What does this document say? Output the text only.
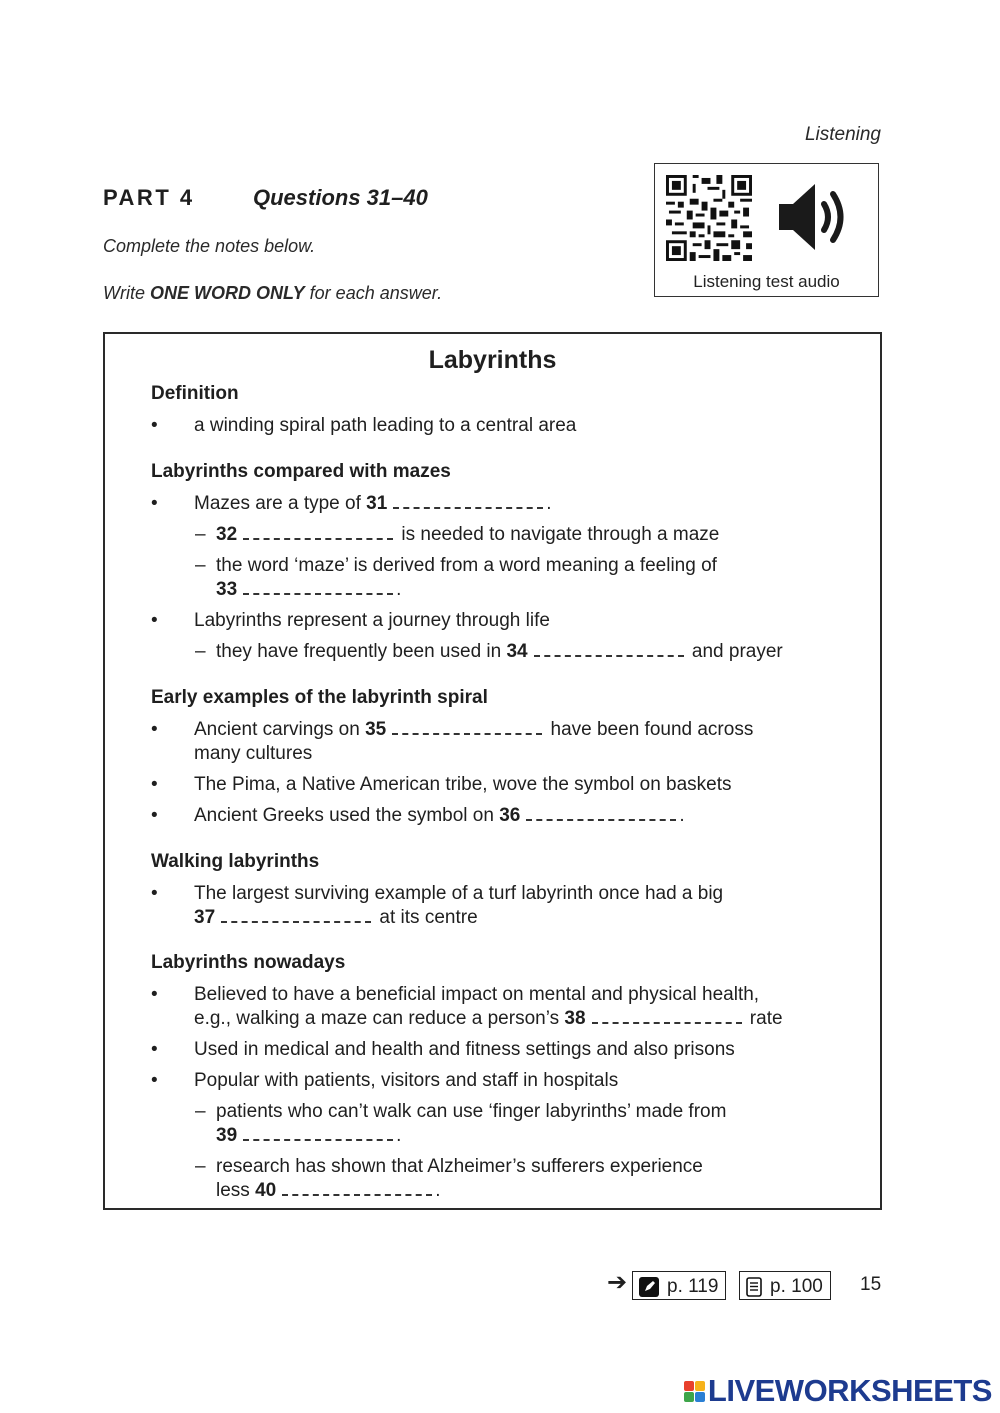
Listening
PART 4	Questions 31–40
Complete the notes below.
Write ONE WORD ONLY for each answer.
Listening test audio
Labyrinths
Definition
• a winding spiral path leading to a central area
Labyrinths compared with mazes
• Mazes are a type of 31	.
– 32	is needed to navigate through a maze
– the word ‘maze’ is derived from a word meaning a feeling of
33	.
• Labyrinths represent a journey through life
– they have frequently been used in 34	and prayer
Early examples of the labyrinth spiral
• Ancient carvings on 35	have been found across
many cultures
• The Pima, a Native American tribe, wove the symbol on baskets
• Ancient Greeks used the symbol on 36	.
Walking labyrinths
• The largest surviving example of a turf labyrinth once had a big
37	at its centre
Labyrinths nowadays
• Believed to have a beneficial impact on mental and physical health,
e.g., walking a maze can reduce a person’s 38	rate
• Used in medical and health and fitness settings and also prisons
• Popular with patients, visitors and staff in hospitals
– patients who can’t walk can use ‘finger labyrinths’ made from
39	.
– research has shown that Alzheimer’s sufferers experience
less 40	.
➔ p. 119	p. 100 15
LIVEWORKSHEETS
